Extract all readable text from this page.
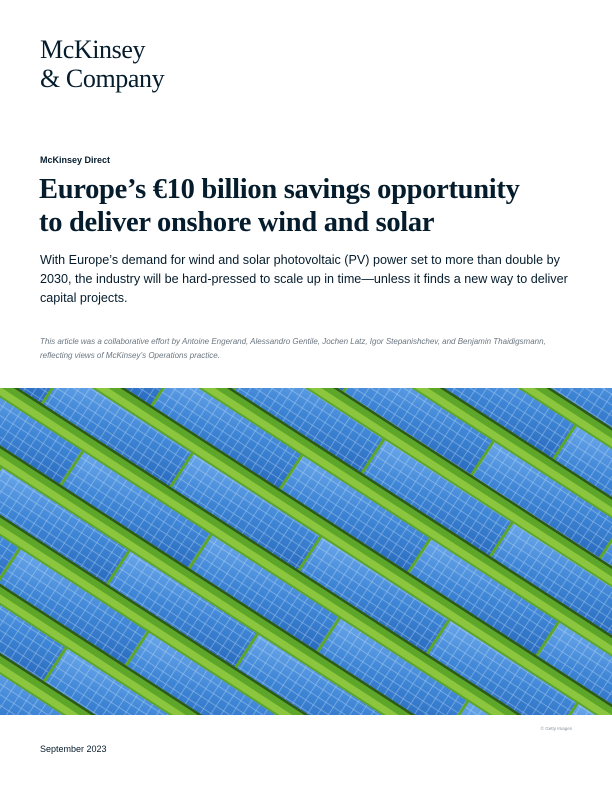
McKinsey
& Company
McKinsey Direct
Europe’s €10 billion savings opportunity
to deliver onshore wind and solar

With Europe’s demand for wind and solar photovoltaic (PV) power set to more than double by 2030, the industry will be hard-pressed to scale up in time—unless it finds a new way to deliver capital projects.

This article was a collaborative effort by Antoine Engerand, Alessandro Gentile, Jochen Latz, Igor Stepanishchev, and Benjamin Thaidigsmann, reflecting views of McKinsey’s Operations practice.

© Getty Images
September 2023
